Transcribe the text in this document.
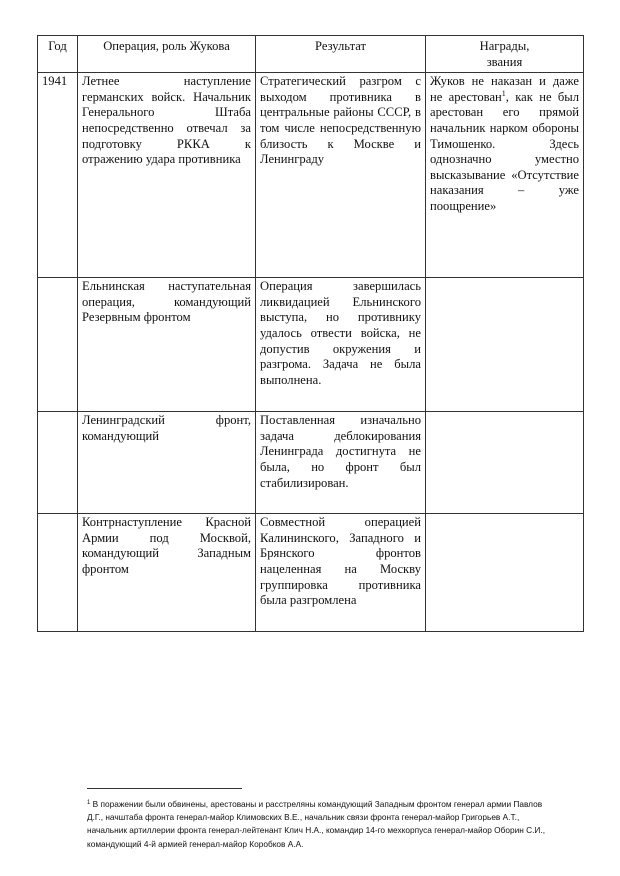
Год	Операция, роль Жукова	Результат	Награды,
звания
1941	Летнее наступление германских войск. Начальник Генерального Штаба непосредственно отвечал за подготовку РККА к отражению удара противника	Стратегический разгром с выходом противника в центральные районы СССР, в том числе непосредственную близость к Москве и Ленинграду	Жуков не наказан и даже не арестован$^1$, как не был арестован его прямой начальник нарком обороны Тимошенко. Здесь однозначно уместно высказывание «Отсутствие наказания – уже поощрение»
	Ельнинская наступательная операция, командующий Резервным фронтом	Операция завершилась ликвидацией Ельнинского выступа, но противнику удалось отвести войска, не допустив окружения и разгрома. Задача не была выполнена.	
	Ленинградский фронт, командующий	Поставленная изначально задача деблокирования Ленинграда достигнута не была, но фронт был стабилизирован.	
	Контрнаступление Красной Армии под Москвой, командующий Западным фронтом	Совместной операцией Калининского, Западного и Брянского фронтов нацеленная на Москву группировка противника была разгромлена	
$^1$ В поражении были обвинены, арестованы и расстреляны командующий Западным фронтом генерал армии Павлов Д.Г., начштаба фронта генерал-майор Климовских В.Е., начальник связи фронта генерал-майор Григорьев А.Т., начальник артиллерии фронта генерал-лейтенант Клич Н.А., командир 14-го мехкорпуса генерал-майор Оборин С.И., командующий 4-й армией генерал-майор Коробков А.А.
